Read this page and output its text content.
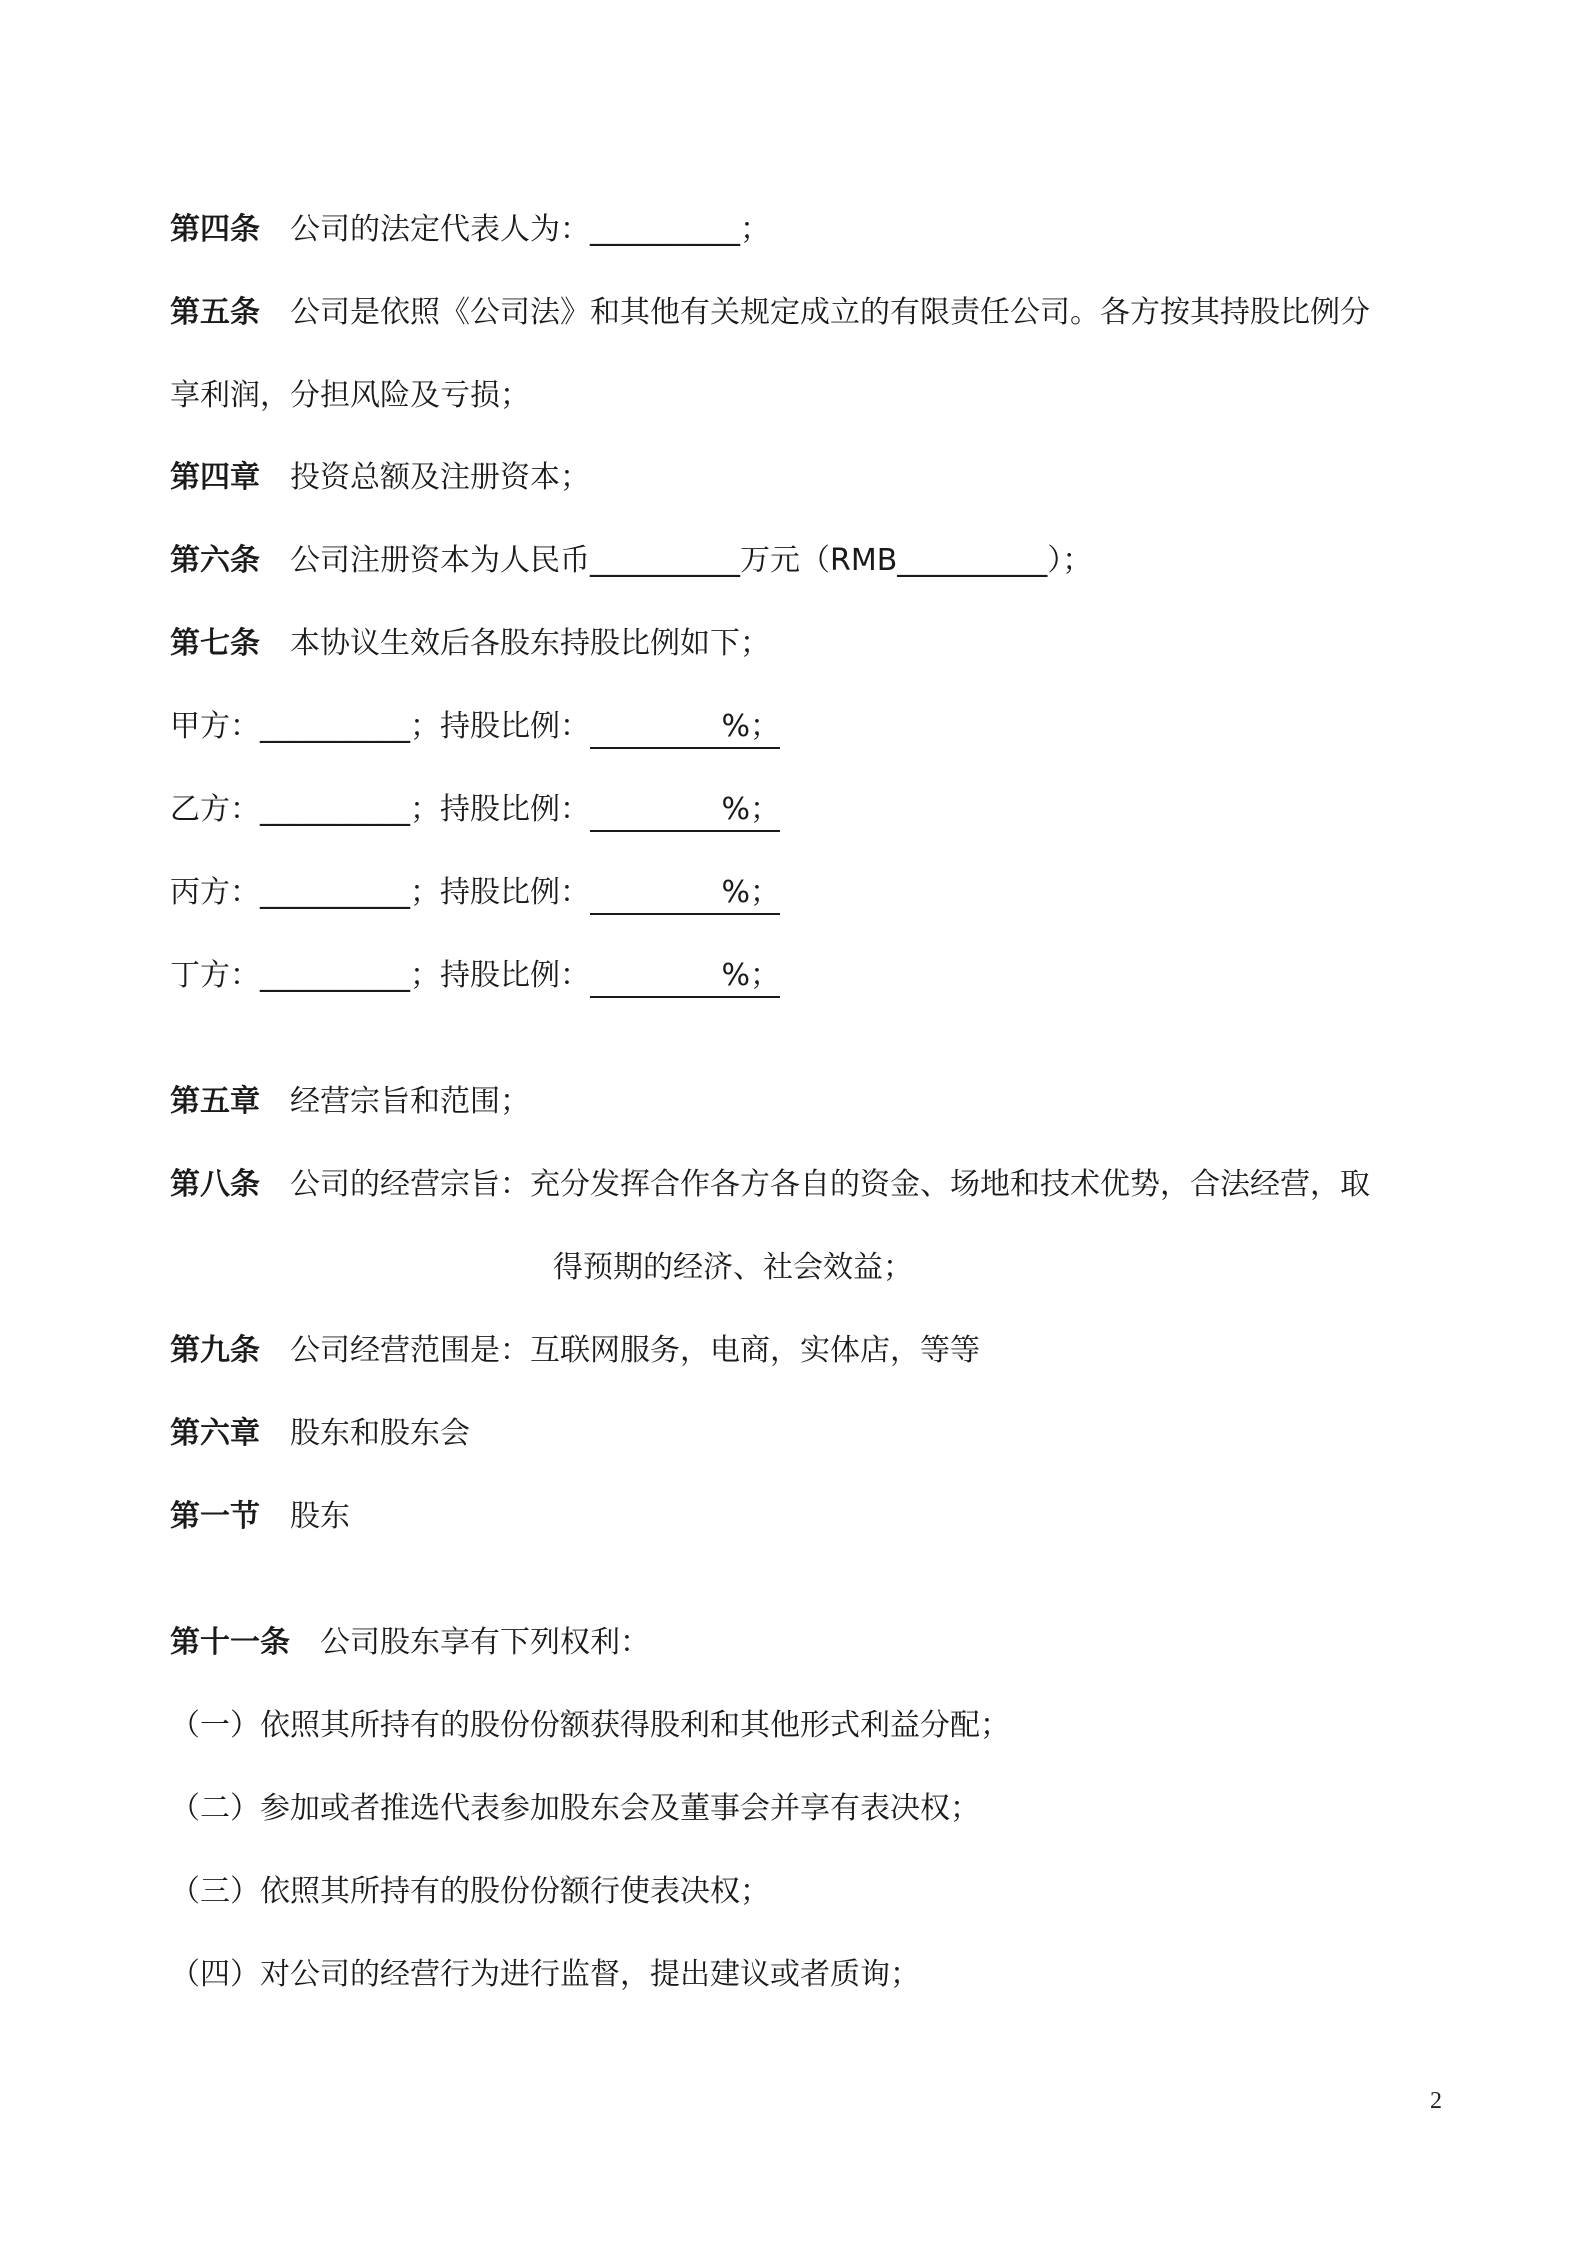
第四条 公司的法定代表人为：__________；
第五条 公司是依照《公司法》和其他有关规定成立的有限责任公司。各方按其持股比例分
享利润，分担风险及亏损；
第四章 投资总额及注册资本；
第六条 公司注册资本为人民币__________万元（RMB__________）；
第七条 本协议生效后各股东持股比例如下；
甲方：__________；持股比例：	%；
乙方：__________；持股比例：	%；
丙方：__________；持股比例：	%；
丁方：__________；持股比例：	%；
第五章 经营宗旨和范围；
第八条 公司的经营宗旨：充分发挥合作各方各自的资金、场地和技术优势，合法经营，取
得预期的经济、社会效益；
第九条 公司经营范围是：互联网服务，电商，实体店，等等
第六章 股东和股东会
第一节 股东
第十一条 公司股东享有下列权利：
（一）依照其所持有的股份份额获得股利和其他形式利益分配；
（二）参加或者推选代表参加股东会及董事会并享有表决权；
（三）依照其所持有的股份份额行使表决权；
（四）对公司的经营行为进行监督，提出建议或者质询；
2
